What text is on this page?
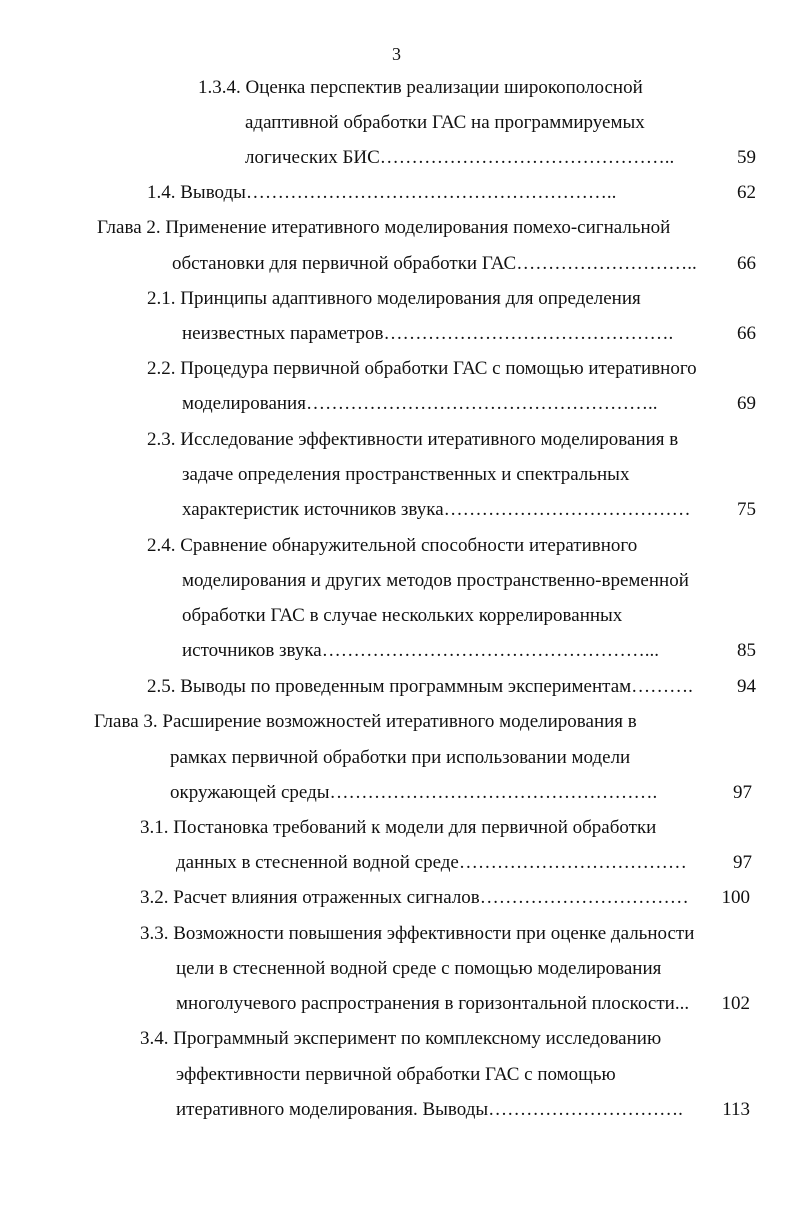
3
1.3.4. Оценка перспектив реализации широкополосной
адаптивной обработки ГАС на программируемых
логических БИС………………………………………..	59
1.4. Выводы…………………………………………………..	62
Глава 2. Применение итеративного моделирования помехо-сигнальной
обстановки для первичной обработки ГАС………………………..	66
2.1. Принципы адаптивного моделирования для определения
неизвестных параметров……………………………………….	66
2.2. Процедура первичной обработки ГАС с помощью итеративного
моделирования………………………………………………..	69
2.3. Исследование эффективности итеративного моделирования в
задаче определения пространственных и спектральных
характеристик источников звука…………………………………	75
2.4. Сравнение обнаружительной способности итеративного
моделирования и других методов пространственно-временной
обработки ГАС в случае нескольких коррелированных
источников звука……………………………………………...	85
2.5. Выводы по проведенным программным экспериментам……….	94
Глава 3. Расширение возможностей итеративного моделирования в
рамках первичной обработки при использовании модели
окружающей среды…………………………………………….	97
3.1. Постановка требований к модели для первичной обработки
данных в стесненной водной среде………………………………	97
3.2. Расчет влияния отраженных сигналов……………………………	100
3.3. Возможности повышения эффективности при оценке дальности
цели в стесненной водной среде с помощью моделирования
многолучевого распространения в горизонтальной плоскости...	102
3.4. Программный эксперимент по комплексному исследованию
эффективности первичной обработки ГАС с помощью
итеративного моделирования. Выводы………………………….	113
